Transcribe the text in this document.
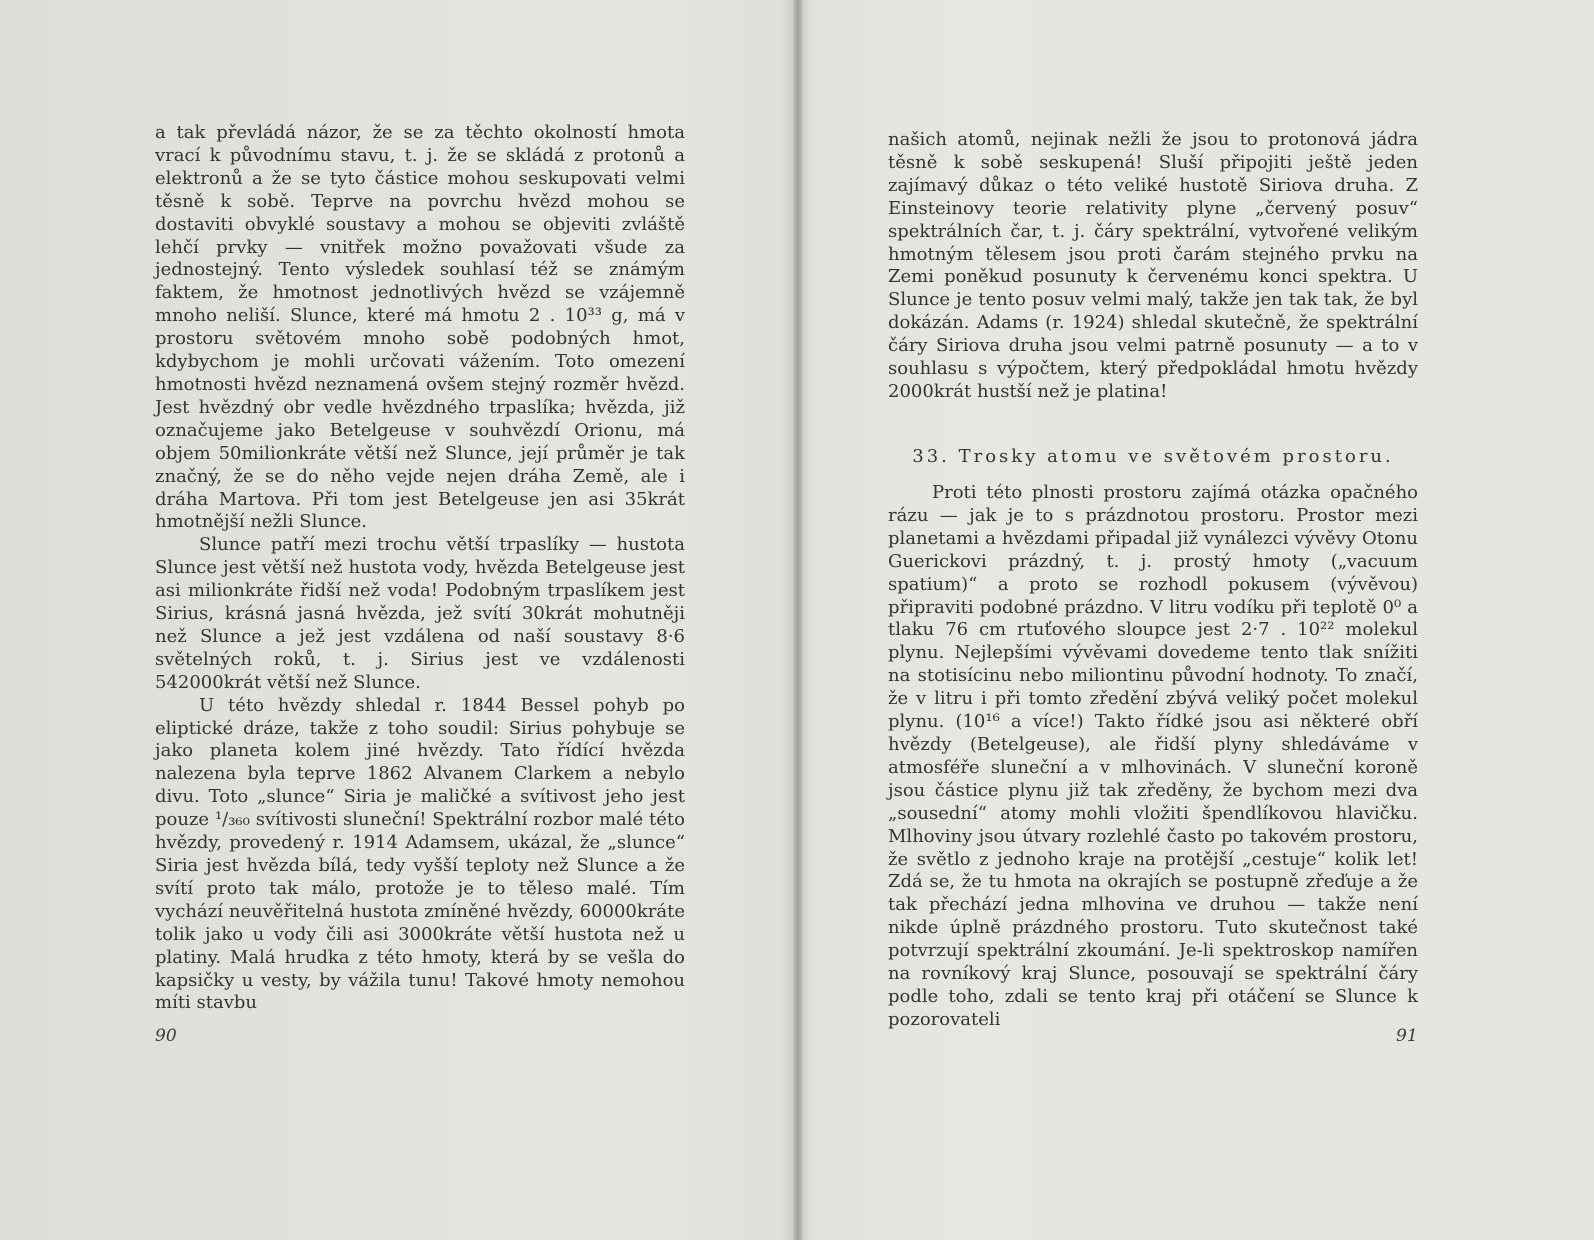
a tak převládá názor, že se za těchto okolností hmota vrací k původnímu stavu, t. j. že se skládá z protonů a elektronů a že se tyto částice mohou seskupovati velmi těsně k sobě. Teprve na povrchu hvězd mohou se dostaviti obvyklé soustavy a mohou se objeviti zvláště lehčí prvky — vnitřek možno považovati všude za jednostejný. Tento výsledek souhlasí též se známým faktem, že hmotnost jednotlivých hvězd se vzájemně mnoho neliší. Slunce, které má hmotu 2 . 10³³ g, má v prostoru světovém mnoho sobě podobných hmot, kdybychom je mohli určovati vážením. Toto omezení hmotnosti hvězd neznamená ovšem stejný rozměr hvězd. Jest hvězdný obr vedle hvězdného trpaslíka; hvězda, již označujeme jako Betelgeuse v souhvězdí Orionu, má objem 50milionkráte větší než Slunce, její průměr je tak značný, že se do něho vejde nejen dráha Země, ale i dráha Martova. Při tom jest Betelgeuse jen asi 35krát hmotnější nežli Slunce.

Slunce patří mezi trochu větší trpaslíky — hustota Slunce jest větší než hustota vody, hvězda Betelgeuse jest asi milionkráte řidší než voda! Podobným trpaslíkem jest Sirius, krásná jasná hvězda, jež svítí 30krát mohutněji než Slunce a jež jest vzdálena od naší soustavy 8·6 světelných roků, t. j. Sirius jest ve vzdálenosti 542000krát větší než Slunce.

U této hvězdy shledal r. 1844 Bessel pohyb po eliptické dráze, takže z toho soudil: Sirius pohybuje se jako planeta kolem jiné hvězdy. Tato řídící hvězda nalezena byla teprve 1862 Alvanem Clarkem a nebylo divu. Toto „slunce“ Siria je maličké a svítivost jeho jest pouze ¹/₃₆₀ svítivosti sluneční! Spektrální rozbor malé této hvězdy, provedený r. 1914 Adamsem, ukázal, že „slunce“ Siria jest hvězda bílá, tedy vyšší teploty než Slunce a že svítí proto tak málo, protože je to těleso malé. Tím vychází neuvěřitelná hustota zmíněné hvězdy, 60000kráte tolik jako u vody čili asi 3000kráte větší hustota než u platiny. Malá hrudka z této hmoty, která by se vešla do kapsičky u vesty, by vážila tunu! Takové hmoty nemohou míti stavbu

90

našich atomů, nejinak nežli že jsou to protonová jádra těsně k sobě seskupená! Sluší připojiti ještě jeden zajímavý důkaz o této veliké hustotě Siriova druha. Z Einsteinovy teorie relativity plyne „červený posuv“ spektrálních čar, t. j. čáry spektrální, vytvořené velikým hmotným tělesem jsou proti čarám stejného prvku na Zemi poněkud posunuty k červenému konci spektra. U Slunce je tento posuv velmi malý, takže jen tak tak, že byl dokázán. Adams (r. 1924) shledal skutečně, že spektrální čáry Siriova druha jsou velmi patrně posunuty — a to v souhlasu s výpočtem, který předpokládal hmotu hvězdy 2000krát hustší než je platina!

33. Trosky atomu ve světovém prostoru.

Proti této plnosti prostoru zajímá otázka opačného rázu — jak je to s prázdnotou prostoru. Prostor mezi planetami a hvězdami připadal již vynálezci vývěvy Otonu Guerickovi prázdný, t. j. prostý hmoty („vacuum spatium)“ a proto se rozhodl pokusem (vývěvou) připraviti podobné prázdno. V litru vodíku při teplotě 0⁰ a tlaku 76 cm rtuťového sloupce jest 2·7 . 10²² molekul plynu. Nejlepšími vývěvami dovedeme tento tlak snížiti na stotisícinu nebo miliontinu původní hodnoty. To značí, že v litru i při tomto zředění zbývá veliký počet molekul plynu. (10¹⁶ a více!) Takto řídké jsou asi některé obří hvězdy (Betelgeuse), ale řidší plyny shledáváme v atmosféře sluneční a v mlhovinách. V sluneční koroně jsou částice plynu již tak zředěny, že bychom mezi dva „sousední“ atomy mohli vložiti špendlíkovou hlavičku. Mlhoviny jsou útvary rozlehlé často po takovém prostoru, že světlo z jednoho kraje na protější „cestuje“ kolik let! Zdá se, že tu hmota na okrajích se postupně zřeďuje a že tak přechází jedna mlhovina ve druhou — takže není nikde úplně prázdného prostoru. Tuto skutečnost také potvrzují spektrální zkoumání. Je-li spektroskop namířen na rovníkový kraj Slunce, posouvají se spektrální čáry podle toho, zdali se tento kraj při otáčení se Slunce k pozorovateli

91
